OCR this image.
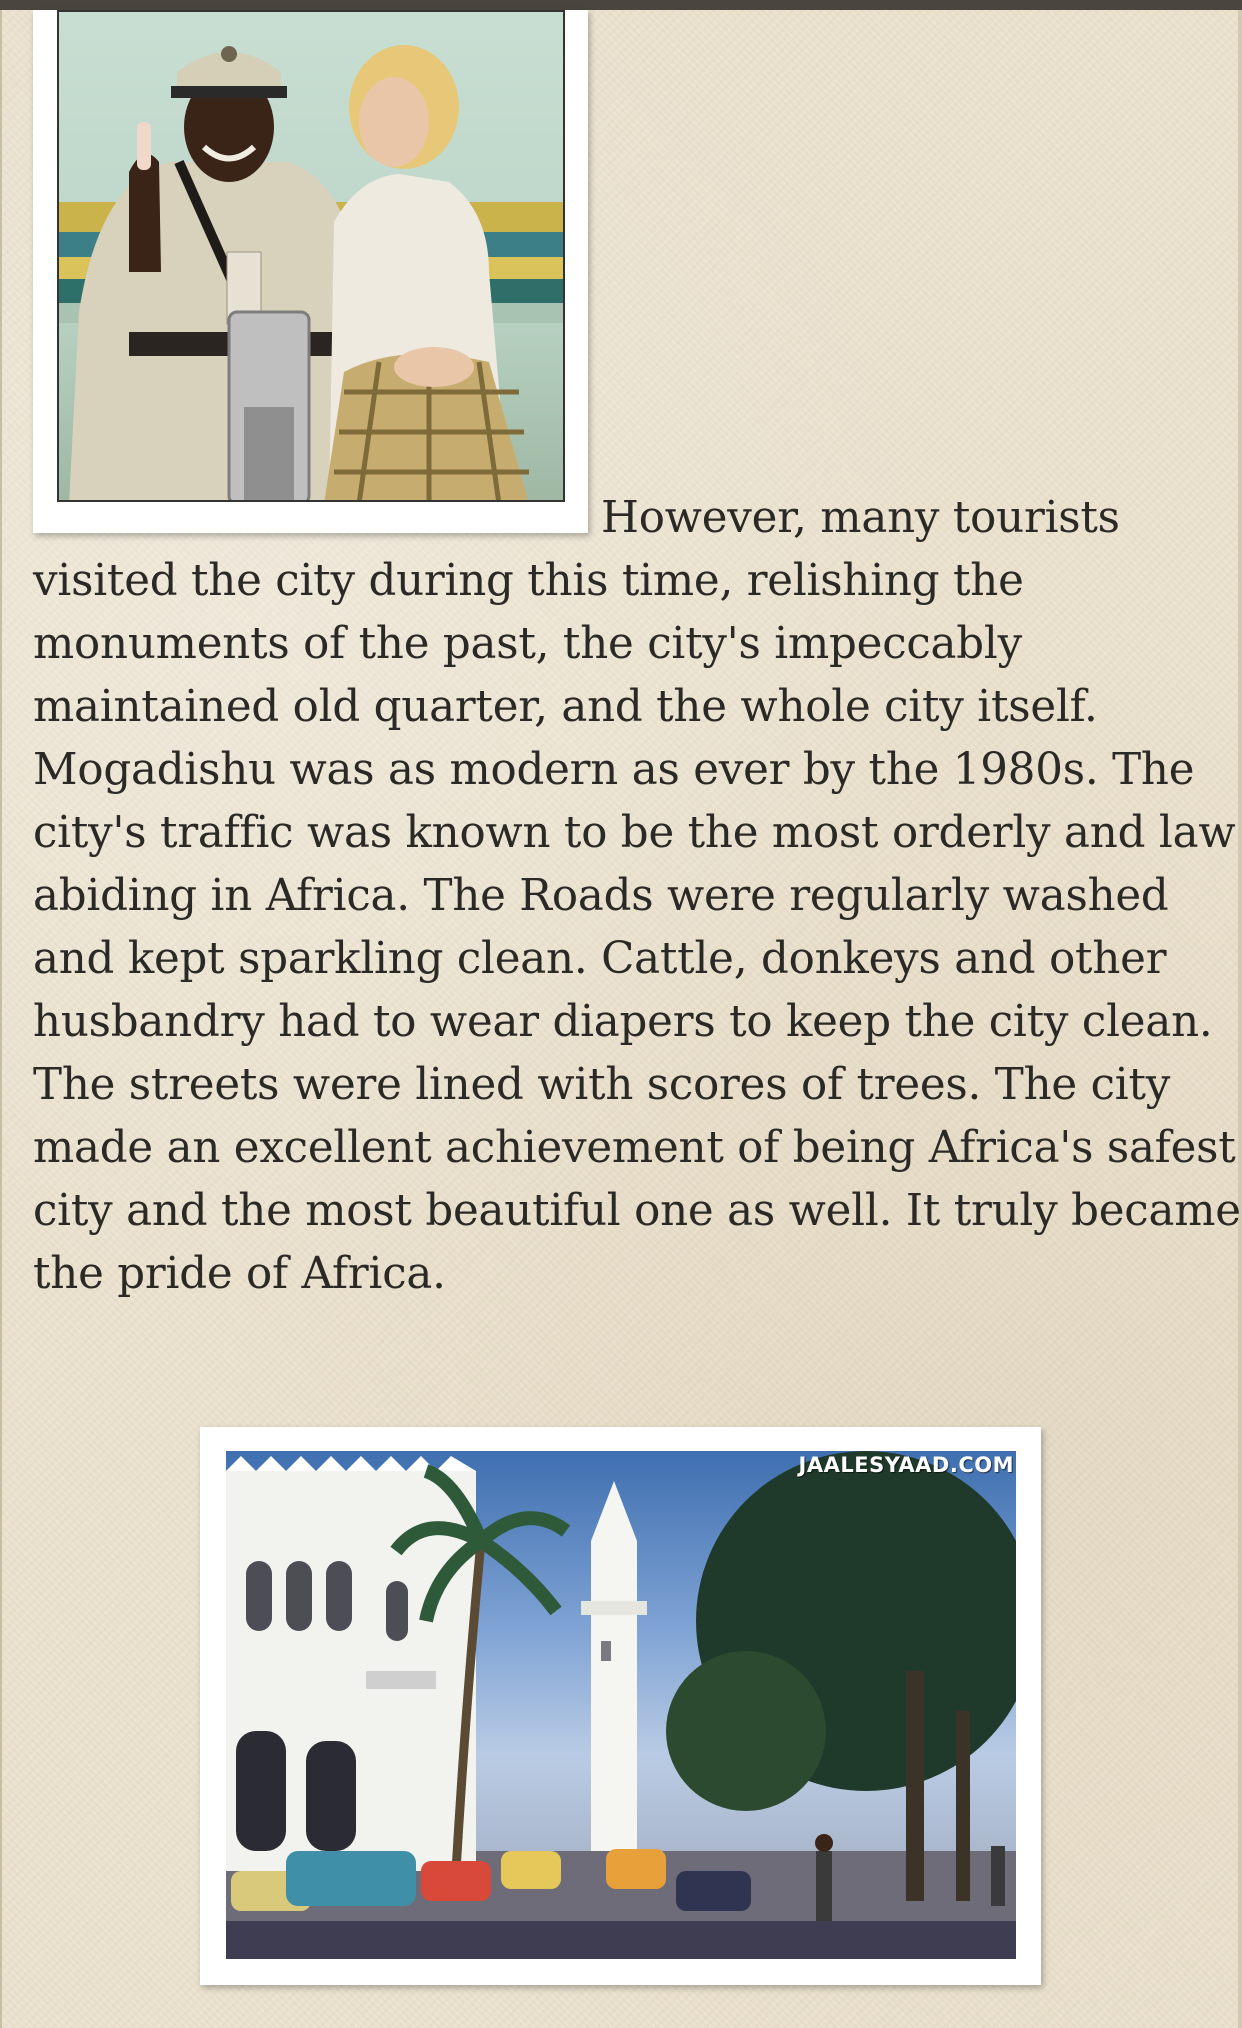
However, many tourists
visited the city during this time, relishing the
monuments of the past, the city's impeccably
maintained old quarter, and the whole city itself.
Mogadishu was as modern as ever by the 1980s. The
city's traffic was known to be the most orderly and law
abiding in Africa. The Roads were regularly washed
and kept sparkling clean. Cattle, donkeys and other
husbandry had to wear diapers to keep the city clean.
The streets were lined with scores of trees. The city
made an excellent achievement of being Africa's safest
city and the most beautiful one as well. It truly became
the pride of Africa.
JAALESYAAD.COM
